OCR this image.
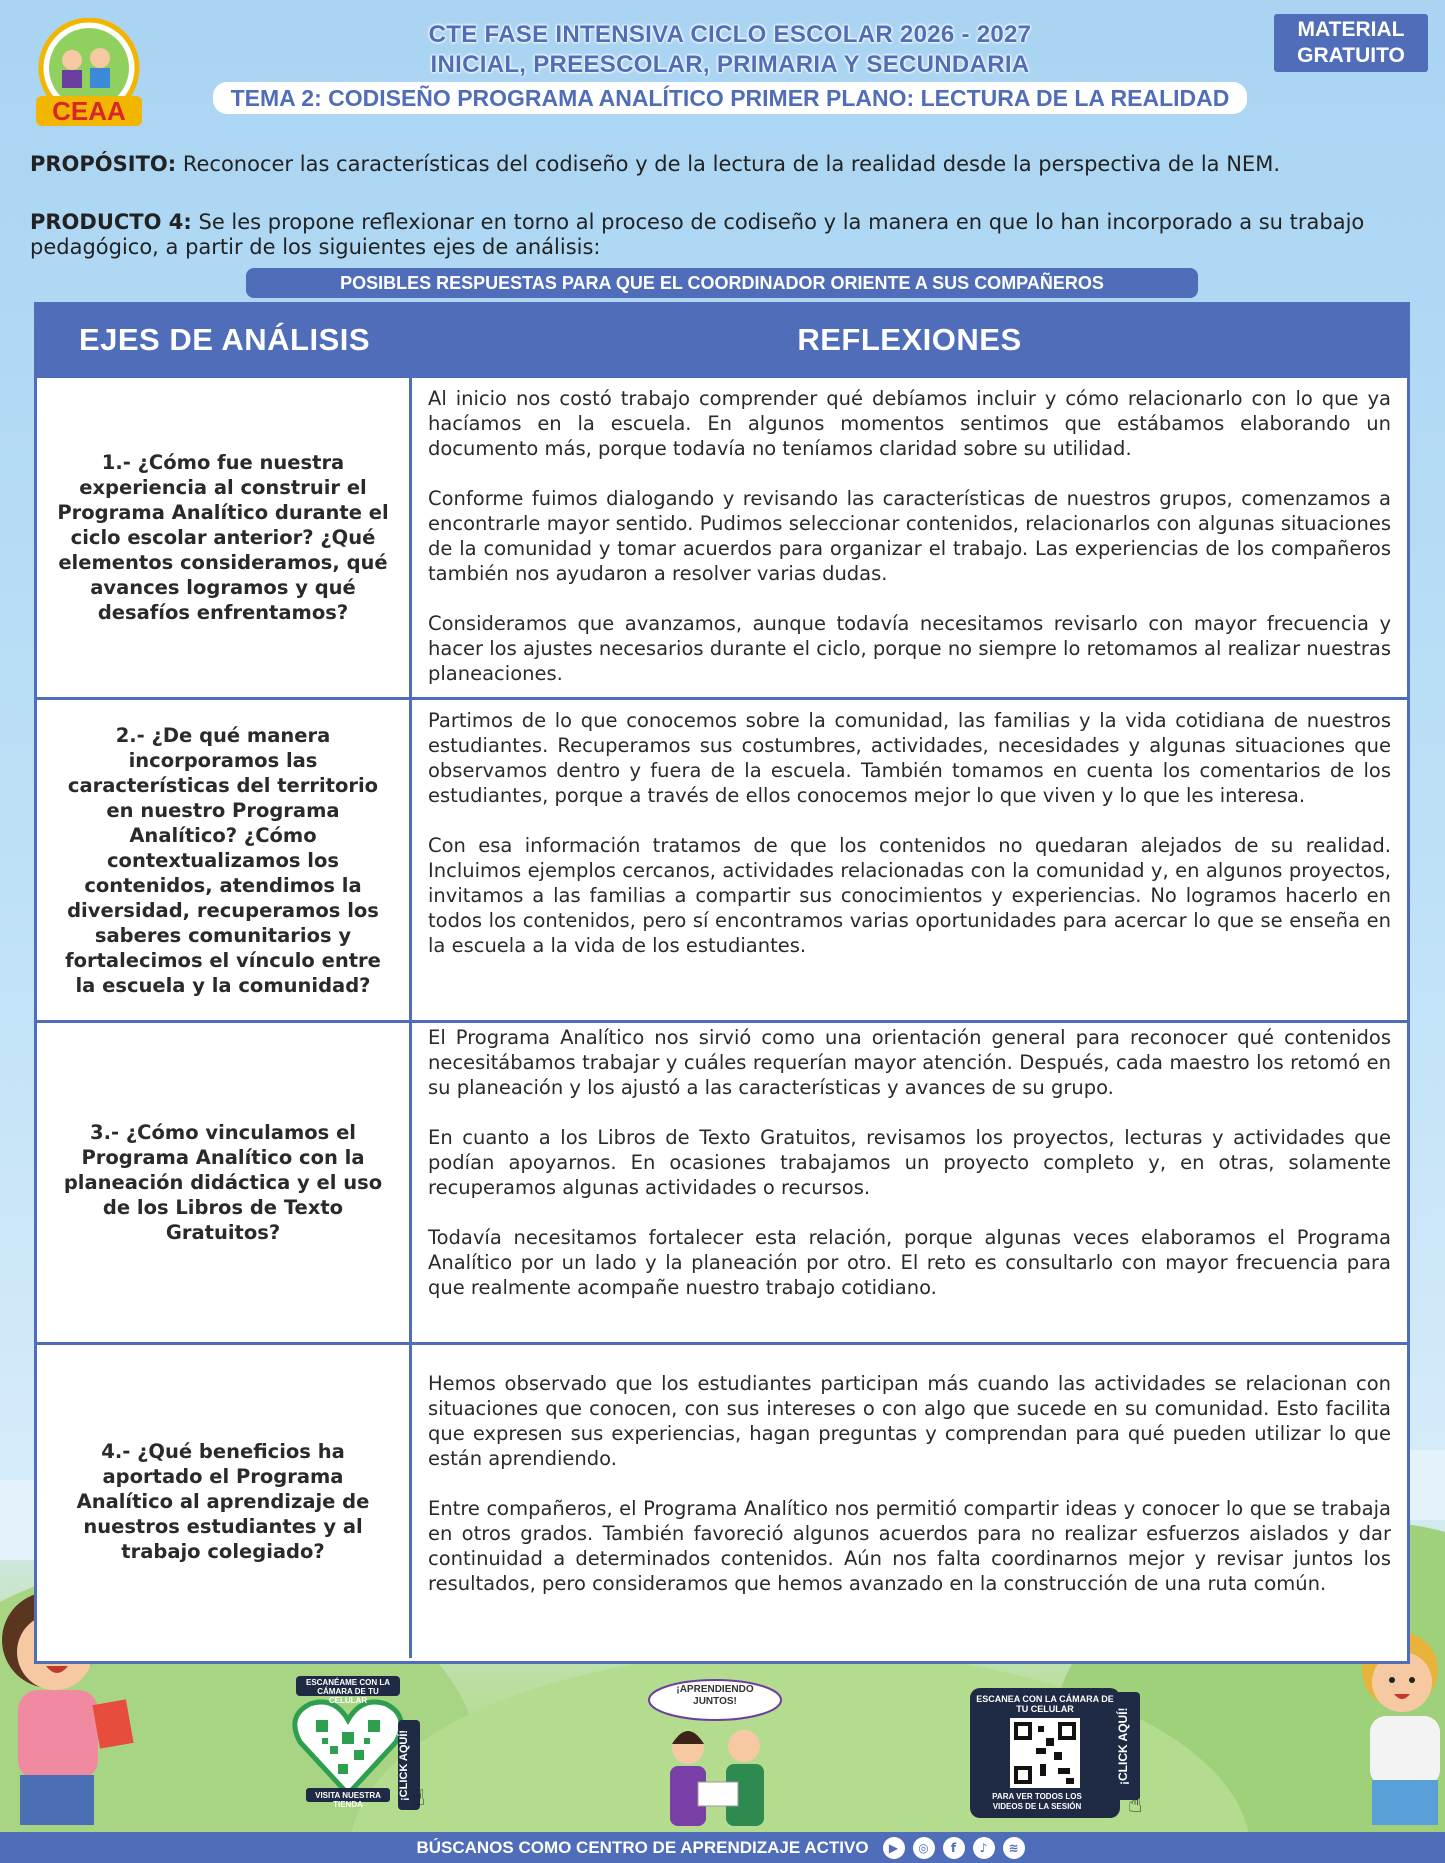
CEAA
CTE FASE INTENSIVA CICLO ESCOLAR 2026 - 2027
INICIAL, PREESCOLAR, PRIMARIA Y SECUNDARIA
TEMA 2: CODISEÑO PROGRAMA ANALÍTICO PRIMER PLANO: LECTURA DE LA REALIDAD
MATERIAL
GRATUITO
PROPÓSITO: Reconocer las características del codiseño y de la lectura de la realidad desde la perspectiva de la NEM.
PRODUCTO 4: Se les propone reflexionar en torno al proceso de codiseño y la manera en que lo han incorporado a su trabajo pedagógico, a partir de los siguientes ejes de análisis:
POSIBLES RESPUESTAS PARA QUE EL COORDINADOR ORIENTE A SUS COMPAÑEROS
EJES DE ANÁLISIS	REFLEXIONES
1.- ¿Cómo fue nuestra experiencia al construir el Programa Analítico durante el ciclo escolar anterior? ¿Qué elementos consideramos, qué avances logramos y qué desafíos enfrentamos?

Al inicio nos costó trabajo comprender qué debíamos incluir y cómo relacionarlo con lo que ya hacíamos en la escuela. En algunos momentos sentimos que estábamos elaborando un documento más, porque todavía no teníamos claridad sobre su utilidad.

Conforme fuimos dialogando y revisando las características de nuestros grupos, comenzamos a encontrarle mayor sentido. Pudimos seleccionar contenidos, relacionarlos con algunas situaciones de la comunidad y tomar acuerdos para organizar el trabajo. Las experiencias de los compañeros también nos ayudaron a resolver varias dudas.

Consideramos que avanzamos, aunque todavía necesitamos revisarlo con mayor frecuencia y hacer los ajustes necesarios durante el ciclo, porque no siempre lo retomamos al realizar nuestras planeaciones.

2.- ¿De qué manera incorporamos las características del territorio en nuestro Programa Analítico? ¿Cómo contextualizamos los contenidos, atendimos la diversidad, recuperamos los saberes comunitarios y fortalecimos el vínculo entre la escuela y la comunidad?

Partimos de lo que conocemos sobre la comunidad, las familias y la vida cotidiana de nuestros estudiantes. Recuperamos sus costumbres, actividades, necesidades y algunas situaciones que observamos dentro y fuera de la escuela. También tomamos en cuenta los comentarios de los estudiantes, porque a través de ellos conocemos mejor lo que viven y lo que les interesa.

Con esa información tratamos de que los contenidos no quedaran alejados de su realidad. Incluimos ejemplos cercanos, actividades relacionadas con la comunidad y, en algunos proyectos, invitamos a las familias a compartir sus conocimientos y experiencias. No logramos hacerlo en todos los contenidos, pero sí encontramos varias oportunidades para acercar lo que se enseña en la escuela a la vida de los estudiantes.

3.- ¿Cómo vinculamos el Programa Analítico con la planeación didáctica y el uso de los Libros de Texto Gratuitos?

El Programa Analítico nos sirvió como una orientación general para reconocer qué contenidos necesitábamos trabajar y cuáles requerían mayor atención. Después, cada maestro los retomó en su planeación y los ajustó a las características y avances de su grupo.

En cuanto a los Libros de Texto Gratuitos, revisamos los proyectos, lecturas y actividades que podían apoyarnos. En ocasiones trabajamos un proyecto completo y, en otras, solamente recuperamos algunas actividades o recursos.

Todavía necesitamos fortalecer esta relación, porque algunas veces elaboramos el Programa Analítico por un lado y la planeación por otro. El reto es consultarlo con mayor frecuencia para que realmente acompañe nuestro trabajo cotidiano.

4.- ¿Qué beneficios ha aportado el Programa Analítico al aprendizaje de nuestros estudiantes y al trabajo colegiado?

Hemos observado que los estudiantes participan más cuando las actividades se relacionan con situaciones que conocen, con sus intereses o con algo que sucede en su comunidad. Esto facilita que expresen sus experiencias, hagan preguntas y comprendan para qué pueden utilizar lo que están aprendiendo.

Entre compañeros, el Programa Analítico nos permitió compartir ideas y conocer lo que se trabaja en otros grados. También favoreció algunos acuerdos para no realizar esfuerzos aislados y dar continuidad a determinados contenidos. Aún nos falta coordinarnos mejor y revisar juntos los resultados, pero consideramos que hemos avanzado en la construcción de una ruta común.

ESCANÉAME CON LA CÁMARA DE TU CELULAR
VISITA NUESTRA TIENDA
¡CLICK AQUÍ! ☝
¡APRENDIENDO JUNTOS!	ESCANEA CON LA CÁMARA DE TU CELULAR
PARA VER TODOS LOS VIDEOS DE LA SESIÓN
¡CLICK AQUÍ!
☝
BÚSCANOS COMO CENTRO DE APRENDIZAJE ACTIVO	▶	◎	f	♪	≋
